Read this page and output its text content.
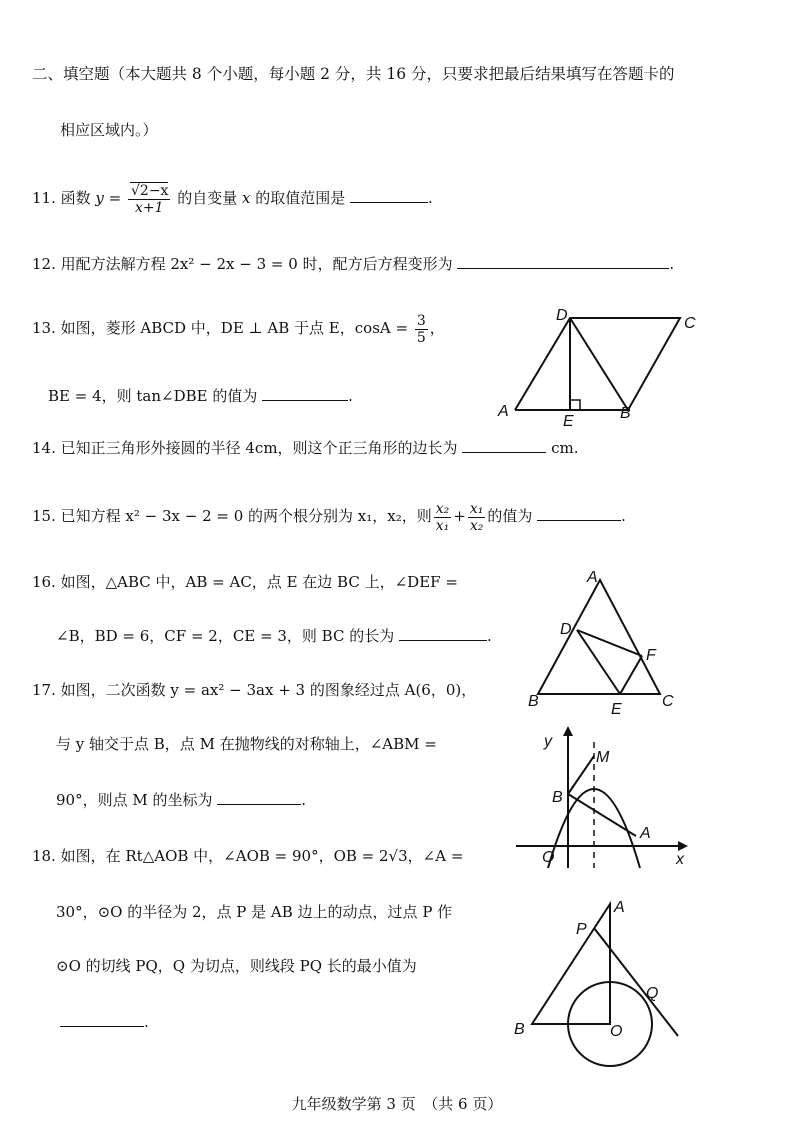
二、填空题（本大题共 8 个小题，每小题 2 分，共 16 分，只要求把最后结果填写在答题卡的
相应区域内。）
11. 函数 $y = \frac{√2-x}{x+1}$ 的自变量 x 的取值范围是	.
12. 用配方法解方程 2x² − 2x − 3 = 0 时，配方后方程变形为	.
13. 如图，菱形 ABCD 中，DE ⊥ AB 于点 E，$\cos A = \frac{3}{5}$ ，
BE = 4，则 tan∠DBE 的值为	.
D	C
A	B
E
14. 已知正三角形外接圆的半径 4cm，则这个正三角形的边长为	cm.
15. 已知方程 x² − 3x − 2 = 0 的两个根分别为 x₁，x₂，则 $\frac{\text{x₂}}{\text{x₁}} + \frac{\text{x₁}}{\text{x₂}}$ 的值为	.
16. 如图，△ABC 中，AB = AC，点 E 在边 BC 上，∠DEF =
∠B，BD = 6，CF = 2，CE = 3，则 BC 的长为	.
A
D
F
B	C
E
17. 如图，二次函数 y = ax² − 3ax + 3 的图象经过点 A(6，0)，
与 y 轴交于点 B，点 M 在抛物线的对称轴上，∠ABM =
90°，则点 M 的坐标为	.
y
M
B
A
O	x
18. 如图，在 Rt△AOB 中，∠AOB = 90°，OB = 2√3，∠A =
30°，⊙O 的半径为 2，点 P 是 AB 边上的动点，过点 P 作
⊙O 的切线 PQ，Q 为切点，则线段 PQ 长的最小值为
.
A
P
Q
B	O
九年级数学第 3 页　（共 6 页）
